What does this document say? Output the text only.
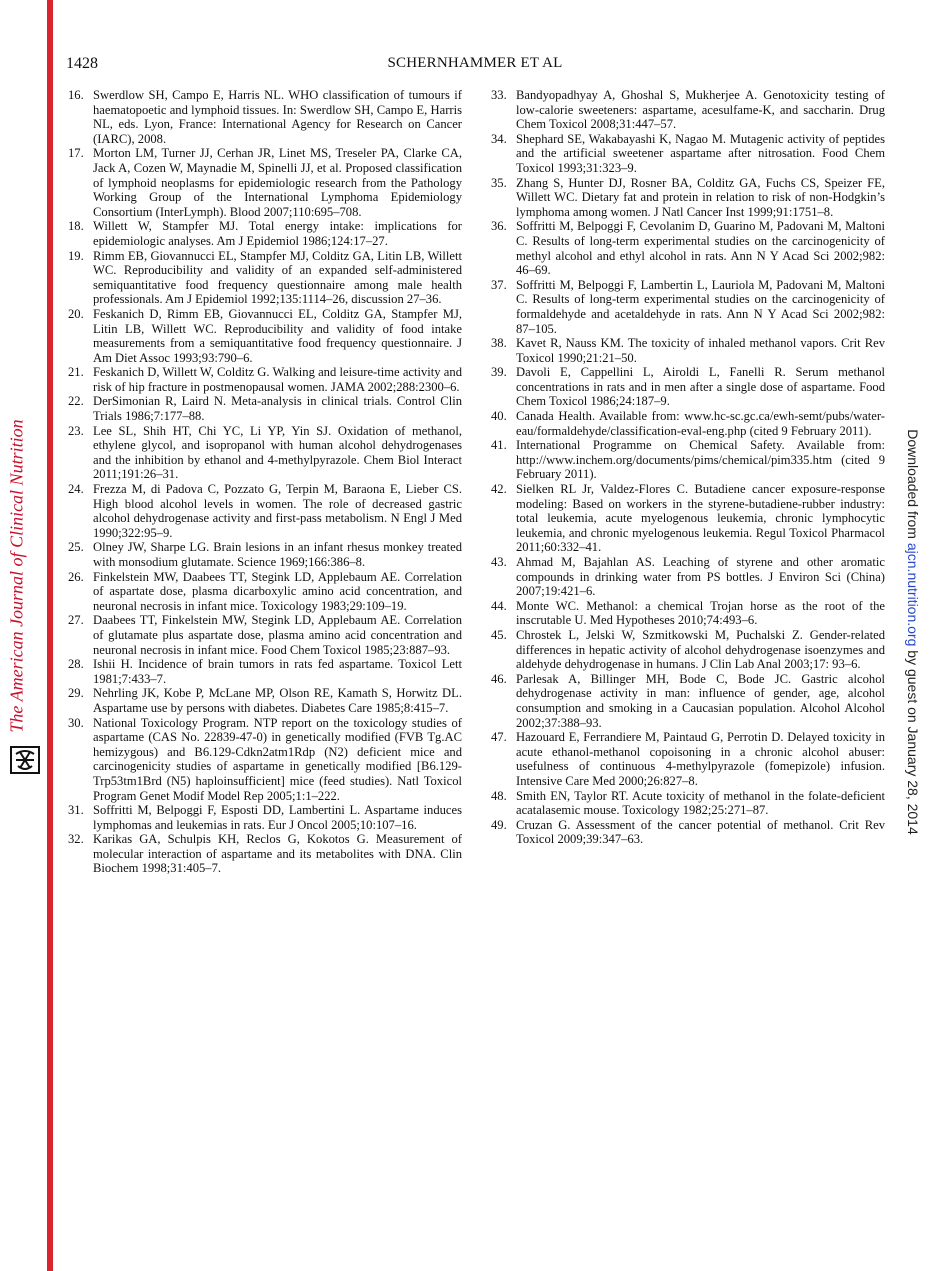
The American Journal of Clinical Nutrition	Downloaded from ajcn.nutrition.org by guest on January 28, 2014
1428	SCHERNHAMMER ET AL
16. Swerdlow SH, Campo E, Harris NL. WHO classification of tumours if haematopoetic and lymphoid tissues. In: Swerdlow SH, Campo E, Harris NL, eds. Lyon, France: International Agency for Research on Cancer (IARC), 2008.
17. Morton LM, Turner JJ, Cerhan JR, Linet MS, Treseler PA, Clarke CA, Jack A, Cozen W, Maynadie M, Spinelli JJ, et al. Proposed classification of lymphoid neoplasms for epidemiologic research from the Pathology Working Group of the International Lymphoma Epidemiology Consortium (InterLymph). Blood 2007;110:695–708.
18. Willett W, Stampfer MJ. Total energy intake: implications for epidemiologic analyses. Am J Epidemiol 1986;124:17–27.
19. Rimm EB, Giovannucci EL, Stampfer MJ, Colditz GA, Litin LB, Willett WC. Reproducibility and validity of an expanded self-administered semiquantitative food frequency questionnaire among male health professionals. Am J Epidemiol 1992;135:1114–26, discussion 27–36.
20. Feskanich D, Rimm EB, Giovannucci EL, Colditz GA, Stampfer MJ, Litin LB, Willett WC. Reproducibility and validity of food intake measurements from a semiquantitative food frequency questionnaire. J Am Diet Assoc 1993;93:790–6.
21. Feskanich D, Willett W, Colditz G. Walking and leisure-time activity and risk of hip fracture in postmenopausal women. JAMA 2002;288:2300–6.
22. DerSimonian R, Laird N. Meta-analysis in clinical trials. Control Clin Trials 1986;7:177–88.
23. Lee SL, Shih HT, Chi YC, Li YP, Yin SJ. Oxidation of methanol, ethylene glycol, and isopropanol with human alcohol dehydrogenases and the inhibition by ethanol and 4-methylpyrazole. Chem Biol Interact 2011;191:26–31.
24. Frezza M, di Padova C, Pozzato G, Terpin M, Baraona E, Lieber CS. High blood alcohol levels in women. The role of decreased gastric alcohol dehydrogenase activity and first-pass metabolism. N Engl J Med 1990;322:95–9.
25. Olney JW, Sharpe LG. Brain lesions in an infant rhesus monkey treated with monsodium glutamate. Science 1969;166:386–8.
26. Finkelstein MW, Daabees TT, Stegink LD, Applebaum AE. Correlation of aspartate dose, plasma dicarboxylic amino acid concentration, and neuronal necrosis in infant mice. Toxicology 1983;29:109–19.
27. Daabees TT, Finkelstein MW, Stegink LD, Applebaum AE. Correlation of glutamate plus aspartate dose, plasma amino acid concentration and neuronal necrosis in infant mice. Food Chem Toxicol 1985;23:887–93.
28. Ishii H. Incidence of brain tumors in rats fed aspartame. Toxicol Lett 1981;7:433–7.
29. Nehrling JK, Kobe P, McLane MP, Olson RE, Kamath S, Horwitz DL. Aspartame use by persons with diabetes. Diabetes Care 1985;8:415–7.
30. National Toxicology Program. NTP report on the toxicology studies of aspartame (CAS No. 22839-47-0) in genetically modified (FVB Tg.AC hemizygous) and B6.129-Cdkn2atm1Rdp (N2) deficient mice and carcinogenicity studies of aspartame in genetically modified [B6.129-Trp53tm1Brd (N5) haploinsufficient] mice (feed studies). Natl Toxicol Program Genet Modif Model Rep 2005;1:1–222.
31. Soffritti M, Belpoggi F, Esposti DD, Lambertini L. Aspartame induces lymphomas and leukemias in rats. Eur J Oncol 2005;10:107–16.
32. Karikas GA, Schulpis KH, Reclos G, Kokotos G. Measurement of molecular interaction of aspartame and its metabolites with DNA. Clin Biochem 1998;31:405–7.
33. Bandyopadhyay A, Ghoshal S, Mukherjee A. Genotoxicity testing of low-calorie sweeteners: aspartame, acesulfame-K, and saccharin. Drug Chem Toxicol 2008;31:447–57.
34. Shephard SE, Wakabayashi K, Nagao M. Mutagenic activity of peptides and the artificial sweetener aspartame after nitrosation. Food Chem Toxicol 1993;31:323–9.
35. Zhang S, Hunter DJ, Rosner BA, Colditz GA, Fuchs CS, Speizer FE, Willett WC. Dietary fat and protein in relation to risk of non-Hodgkin’s lymphoma among women. J Natl Cancer Inst 1999;91:1751–8.
36. Soffritti M, Belpoggi F, Cevolanim D, Guarino M, Padovani M, Maltoni C. Results of long-term experimental studies on the carcinogenicity of methyl alcohol and ethyl alcohol in rats. Ann N Y Acad Sci 2002;982: 46–69.
37. Soffritti M, Belpoggi F, Lambertin L, Lauriola M, Padovani M, Maltoni C. Results of long-term experimental studies on the carcinogenicity of formaldehyde and acetaldehyde in rats. Ann N Y Acad Sci 2002;982: 87–105.
38. Kavet R, Nauss KM. The toxicity of inhaled methanol vapors. Crit Rev Toxicol 1990;21:21–50.
39. Davoli E, Cappellini L, Airoldi L, Fanelli R. Serum methanol concentrations in rats and in men after a single dose of aspartame. Food Chem Toxicol 1986;24:187–9.
40. Canada Health. Available from: www.hc-sc.gc.ca/ewh-semt/pubs/water-eau/formaldehyde/classification-eval-eng.php (cited 9 February 2011).
41. International Programme on Chemical Safety. Available from: http://www.inchem.org/documents/pims/chemical/pim335.htm (cited 9 February 2011).
42. Sielken RL Jr, Valdez-Flores C. Butadiene cancer exposure-response modeling: Based on workers in the styrene-butadiene-rubber industry: total leukemia, acute myelogenous leukemia, chronic lymphocytic leukemia, and chronic myelogenous leukemia. Regul Toxicol Pharmacol 2011;60:332–41.
43. Ahmad M, Bajahlan AS. Leaching of styrene and other aromatic compounds in drinking water from PS bottles. J Environ Sci (China) 2007;19:421–6.
44. Monte WC. Methanol: a chemical Trojan horse as the root of the inscrutable U. Med Hypotheses 2010;74:493–6.
45. Chrostek L, Jelski W, Szmitkowski M, Puchalski Z. Gender-related differences in hepatic activity of alcohol dehydrogenase isoenzymes and aldehyde dehydrogenase in humans. J Clin Lab Anal 2003;17: 93–6.
46. Parlesak A, Billinger MH, Bode C, Bode JC. Gastric alcohol dehydrogenase activity in man: influence of gender, age, alcohol consumption and smoking in a Caucasian population. Alcohol Alcohol 2002;37:388–93.
47. Hazouard E, Ferrandiere M, Paintaud G, Perrotin D. Delayed toxicity in acute ethanol-methanol copoisoning in a chronic alcohol abuser: usefulness of continuous 4-methylpyrazole (fomepizole) infusion. Intensive Care Med 2000;26:827–8.
48. Smith EN, Taylor RT. Acute toxicity of methanol in the folate-deficient acatalasemic mouse. Toxicology 1982;25:271–87.
49. Cruzan G. Assessment of the cancer potential of methanol. Crit Rev Toxicol 2009;39:347–63.
